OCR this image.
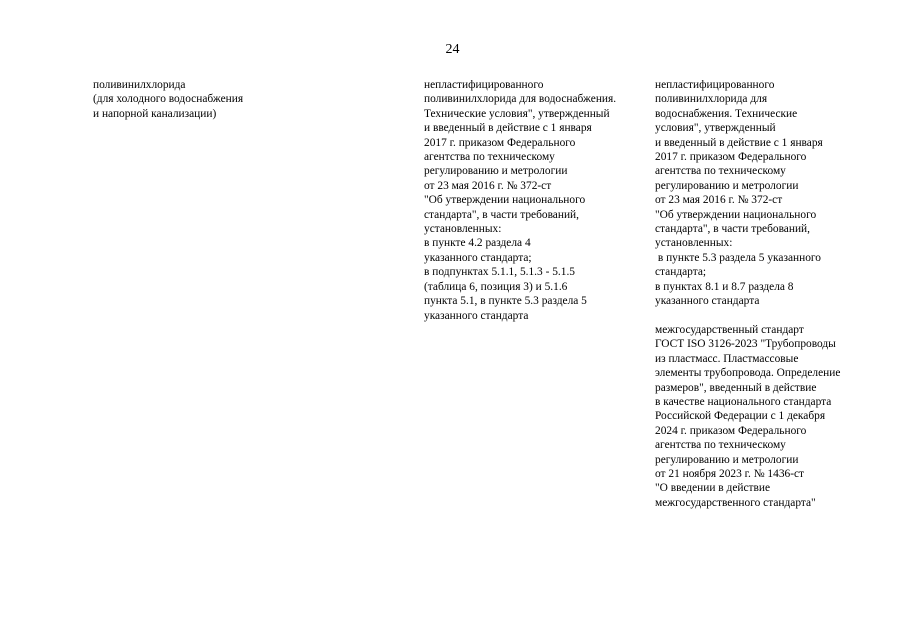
24
поливинилхлорида
(для холодного водоснабжения
и напорной канализации)
непластифицированного
поливинилхлорида для водоснабжения.
Технические условия", утвержденный
и введенный в действие с 1 января
2017 г. приказом Федерального
агентства по техническому
регулированию и метрологии
от 23 мая 2016 г. № 372-ст
"Об утверждении национального
стандарта", в части требований,
установленных:
в пункте 4.2 раздела 4
указанного стандарта;
в подпунктах 5.1.1, 5.1.3 - 5.1.5
(таблица 6, позиция 3) и 5.1.6
пункта 5.1, в пункте 5.3 раздела 5
указанного стандарта
непластифицированного
поливинилхлорида для
водоснабжения. Технические
условия", утвержденный
и введенный в действие с 1 января
2017 г. приказом Федерального
агентства по техническому
регулированию и метрологии
от 23 мая 2016 г. № 372-ст
"Об утверждении национального
стандарта", в части требований,
установленных:
в пункте 5.3 раздела 5 указанного
стандарта;
в пунктах 8.1 и 8.7 раздела 8
указанного стандарта
межгосударственный стандарт
ГОСТ ISO 3126-2023 "Трубопроводы
из пластмасс. Пластмассовые
элементы трубопровода. Определение
размеров", введенный в действие
в качестве национального стандарта
Российской Федерации с 1 декабря
2024 г. приказом Федерального
агентства по техническому
регулированию и метрологии
от 21 ноября 2023 г. № 1436-ст
"О введении в действие
межгосударственного стандарта"
